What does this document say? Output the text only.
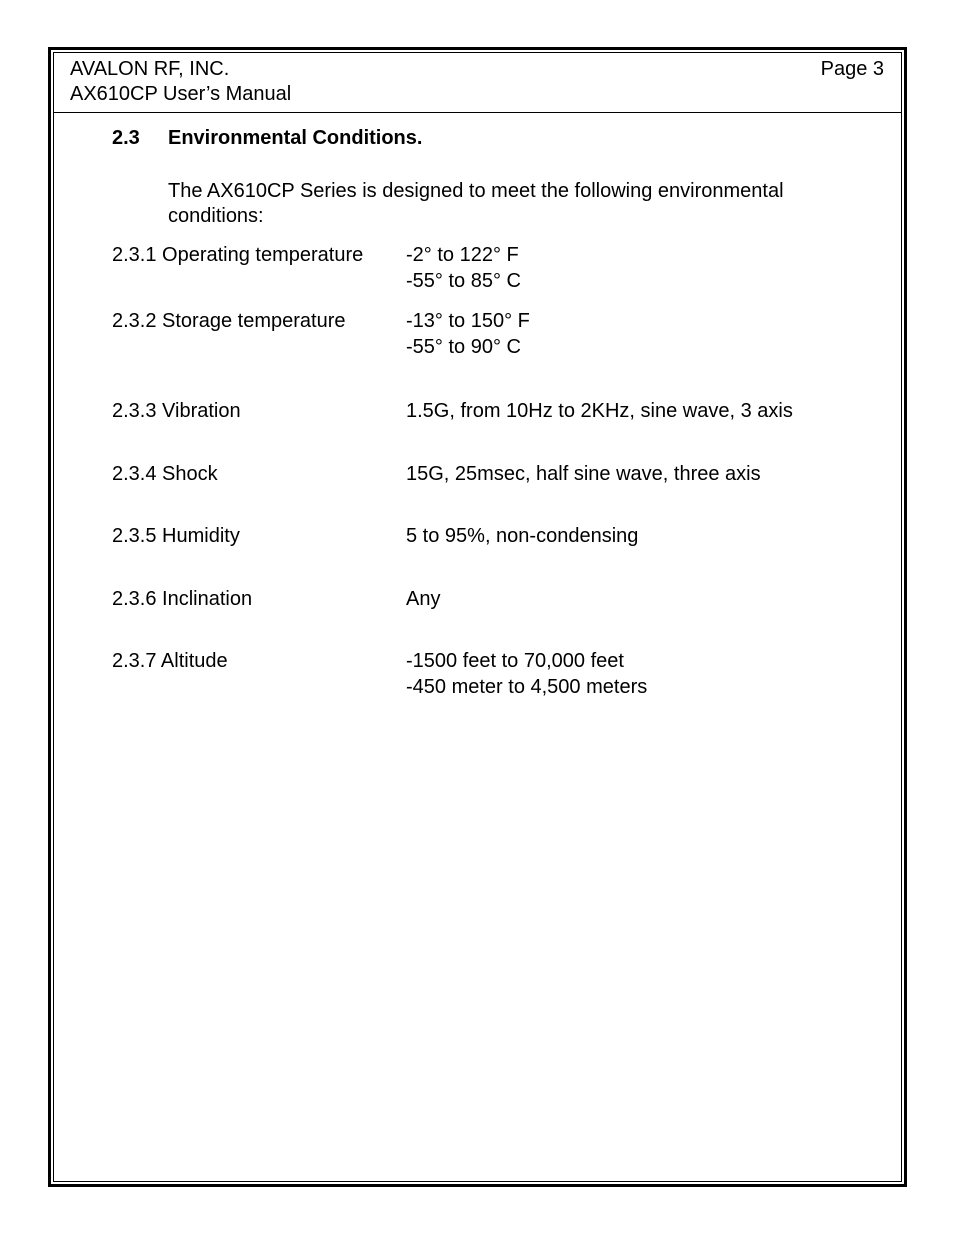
AVALON RF, INC.
AX610CP User’s Manual
Page 3
2.3 Environmental Conditions.
The AX610CP Series is designed to meet the following environmental
conditions:
2.3.1 Operating temperature -2° to 122° F
-55° to 85° C
2.3.2 Storage temperature	-13° to 150° F
-55° to 90° C
2.3.3 Vibration	1.5G, from 10Hz to 2KHz, sine wave, 3 axis
2.3.4 Shock	15G, 25msec, half sine wave, three axis
2.3.5 Humidity	5 to 95%, non-condensing
2.3.6 Inclination	Any
2.3.7 Altitude	-1500 feet to 70,000 feet
-450 meter to 4,500 meters
